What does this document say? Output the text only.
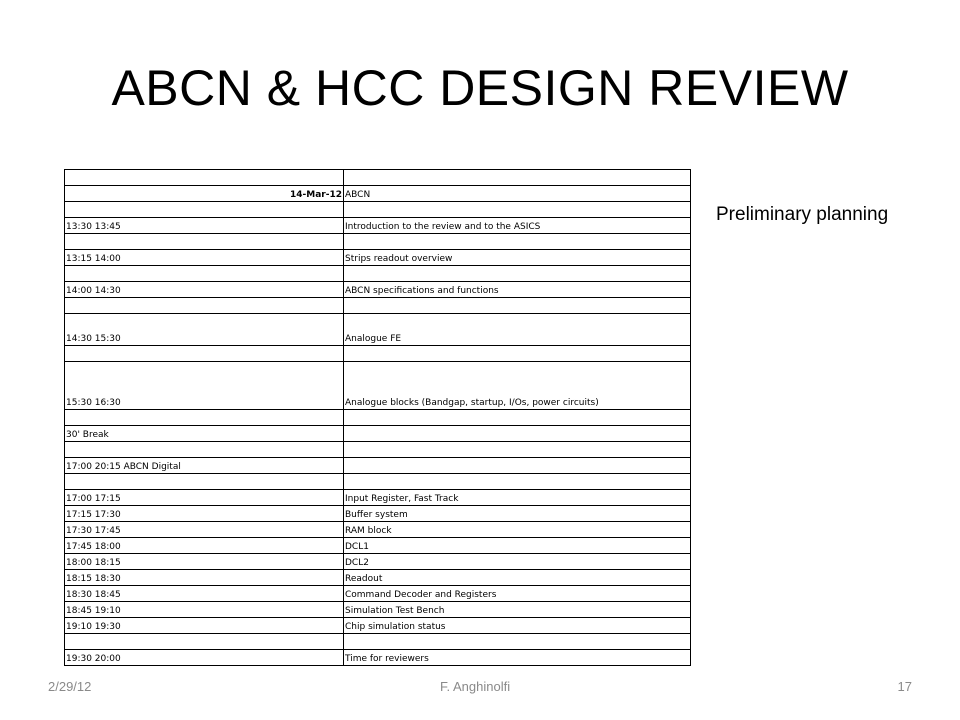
ABCN & HCC DESIGN REVIEW
Preliminary planning

14-Mar-12	ABCN

13:30 13:45	Introduction to the review and to the ASICS

13:15 14:00	Strips readout overview

14:00 14:30	ABCN specifications and functions

14:30 15:30	Analogue FE

15:30 16:30	Analogue blocks (Bandgap, startup, I/Os, power circuits)

30' Break	

17:00 20:15 ABCN Digital	

17:00 17:15	Input Register, Fast Track
17:15 17:30	Buffer system
17:30 17:45	RAM block
17:45 18:00	DCL1
18:00 18:15	DCL2
18:15 18:30	Readout
18:30 18:45	Command Decoder and Registers
18:45 19:10	Simulation Test Bench
19:10 19:30	Chip simulation status

19:30 20:00	Time for reviewers
2/29/12	F. Anghinolfi	17
